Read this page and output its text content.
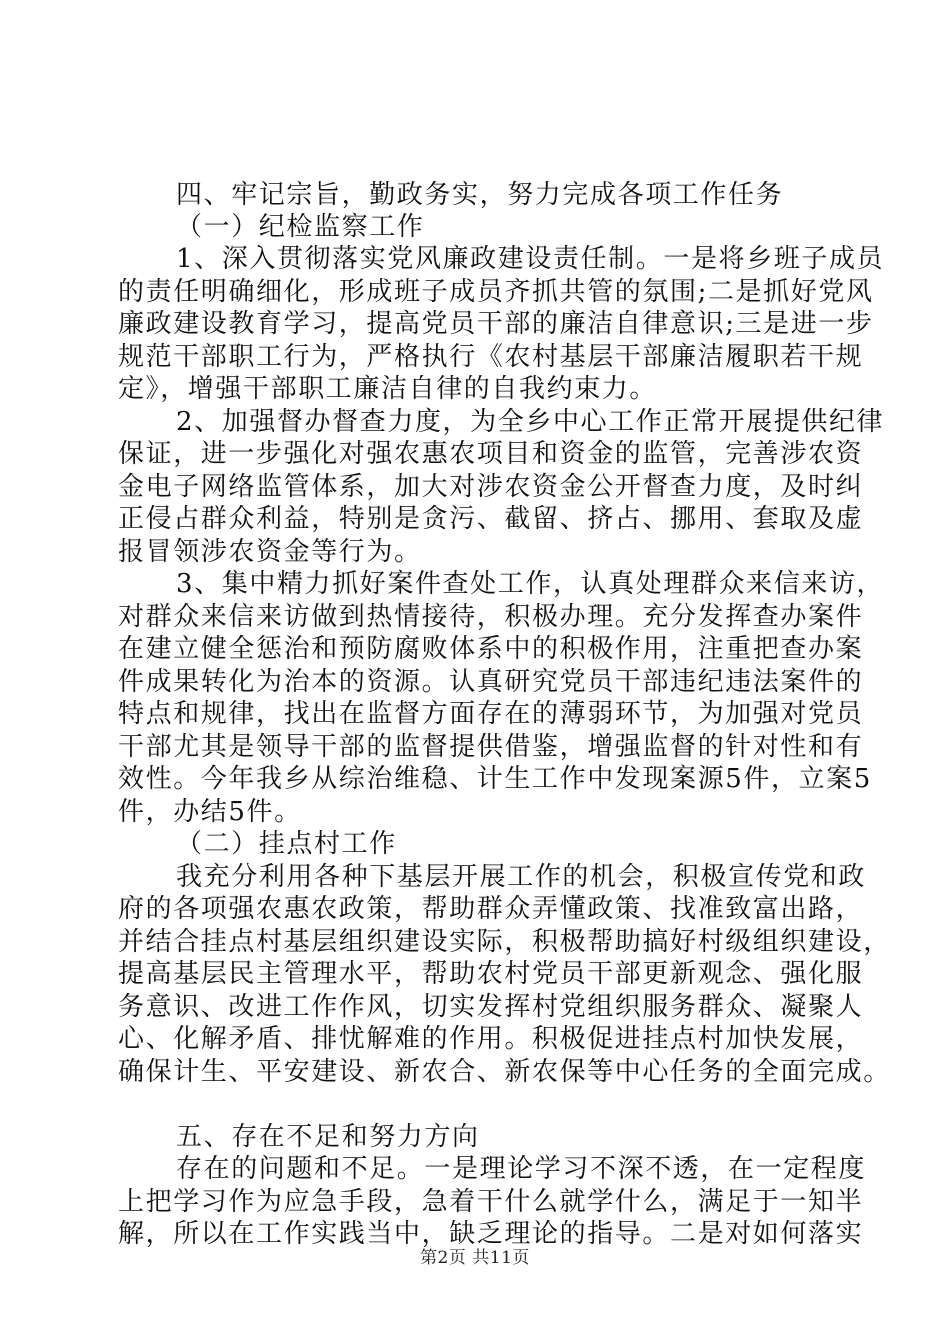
四、牢记宗旨，勤政务实，努力完成各项工作任务
（一）纪检监察工作
1、深入贯彻落实党风廉政建设责任制。一是将乡班子成员
的责任明确细化，形成班子成员齐抓共管的氛围;二是抓好党风
廉政建设教育学习，提高党员干部的廉洁自律意识;三是进一步
规范干部职工行为，严格执行《农村基层干部廉洁履职若干规
定》，增强干部职工廉洁自律的自我约束力。
2、加强督办督查力度，为全乡中心工作正常开展提供纪律
保证，进一步强化对强农惠农项目和资金的监管，完善涉农资
金电子网络监管体系，加大对涉农资金公开督查力度，及时纠
正侵占群众利益，特别是贪污、截留、挤占、挪用、套取及虚
报冒领涉农资金等行为。
3、集中精力抓好案件查处工作，认真处理群众来信来访，
对群众来信来访做到热情接待，积极办理。充分发挥查办案件
在建立健全惩治和预防腐败体系中的积极作用，注重把查办案
件成果转化为治本的资源。认真研究党员干部违纪违法案件的
特点和规律，找出在监督方面存在的薄弱环节，为加强对党员
干部尤其是领导干部的监督提供借鉴，增强监督的针对性和有
效性。今年我乡从综治维稳、计生工作中发现案源5件，立案5
件，办结5件。
（二）挂点村工作
我充分利用各种下基层开展工作的机会，积极宣传党和政
府的各项强农惠农政策，帮助群众弄懂政策、找准致富出路，
并结合挂点村基层组织建设实际，积极帮助搞好村级组织建设，
提高基层民主管理水平，帮助农村党员干部更新观念、强化服
务意识、改进工作作风，切实发挥村党组织服务群众、凝聚人
心、化解矛盾、排忧解难的作用。积极促进挂点村加快发展，
确保计生、平安建设、新农合、新农保等中心任务的全面完成。
五、存在不足和努力方向
存在的问题和不足。一是理论学习不深不透，在一定程度
上把学习作为应急手段，急着干什么就学什么，满足于一知半
解，所以在工作实践当中，缺乏理论的指导。二是对如何落实
第2页 共11页
